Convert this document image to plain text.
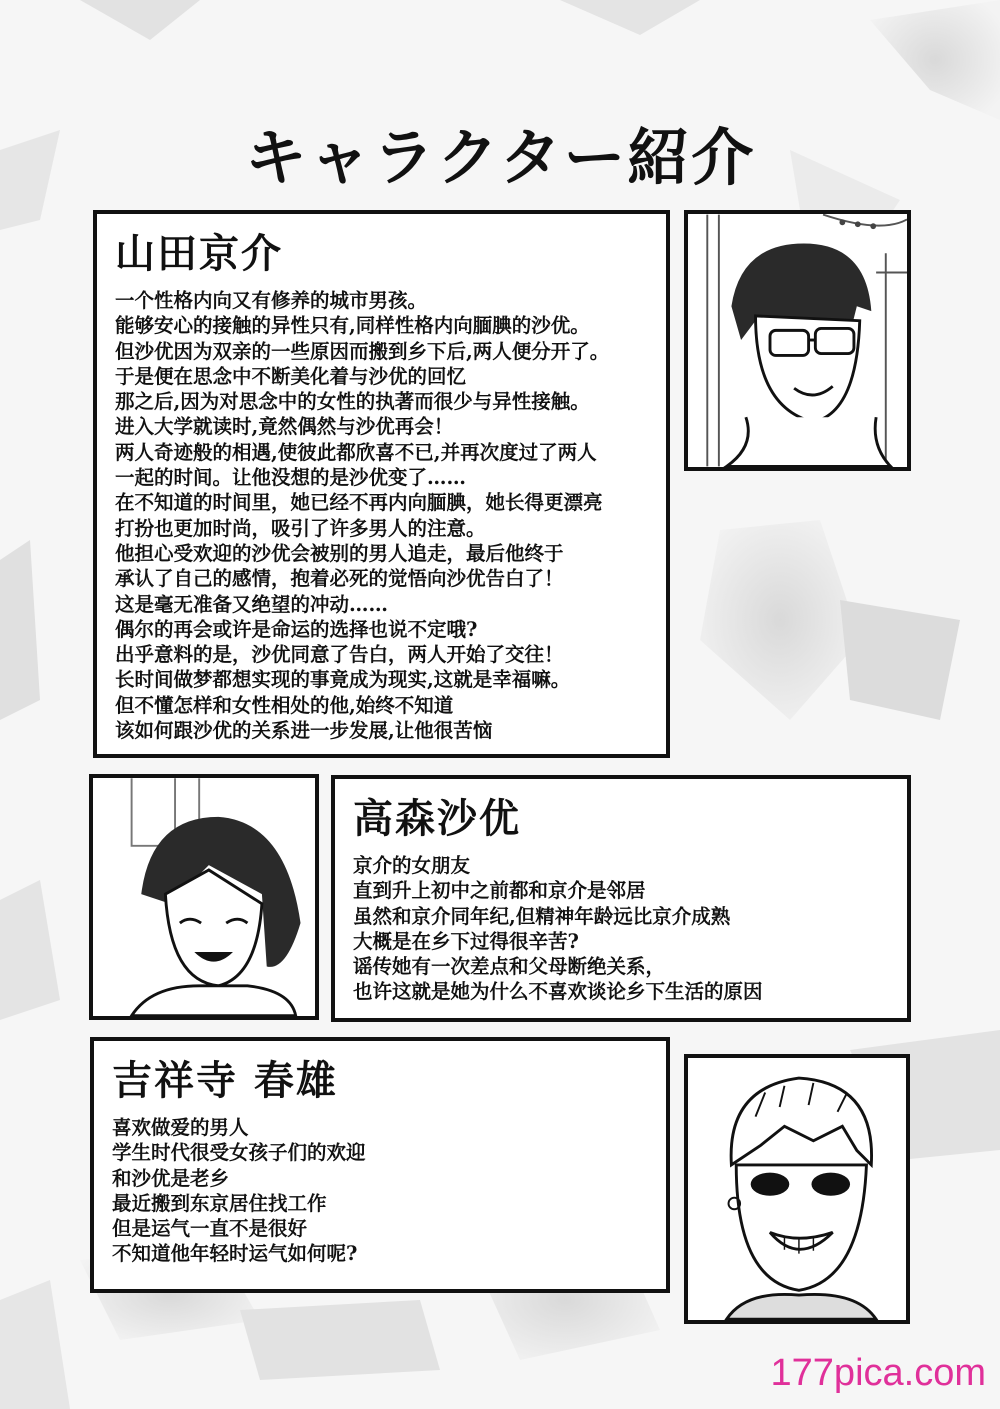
キャラクター紹介
山田京介
一个性格内向又有修养的城市男孩。
能够安心的接触的异性只有,同样性格内向腼腆的沙优。
但沙优因为双亲的一些原因而搬到乡下后,两人便分开了。
于是便在思念中不断美化着与沙优的回忆
那之后,因为对思念中的女性的执著而很少与异性接触。
进入大学就读时,竟然偶然与沙优再会！
两人奇迹般的相遇,使彼此都欣喜不已,并再次度过了两人
一起的时间。让他没想的是沙优变了……
在不知道的时间里，她已经不再内向腼腆，她长得更漂亮
打扮也更加时尚，吸引了许多男人的注意。
他担心受欢迎的沙优会被别的男人追走，最后他终于
承认了自己的感情，抱着必死的觉悟向沙优告白了！
这是毫无准备又绝望的冲动……
偶尔的再会或许是命运的选择也说不定哦?
出乎意料的是，沙优同意了告白，两人开始了交往！
长时间做梦都想实现的事竟成为现实,这就是幸福嘛。
但不懂怎样和女性相处的他,始终不知道
该如何跟沙优的关系进一步发展,让他很苦恼
高森沙优
京介的女朋友
直到升上初中之前都和京介是邻居
虽然和京介同年纪,但精神年龄远比京介成熟
大概是在乡下过得很辛苦?
谣传她有一次差点和父母断绝关系，
也许这就是她为什么不喜欢谈论乡下生活的原因
吉祥寺 春雄
喜欢做爱的男人
学生时代很受女孩子们的欢迎
和沙优是老乡
最近搬到东京居住找工作
但是运气一直不是很好
不知道他年轻时运气如何呢?
177pica.com
